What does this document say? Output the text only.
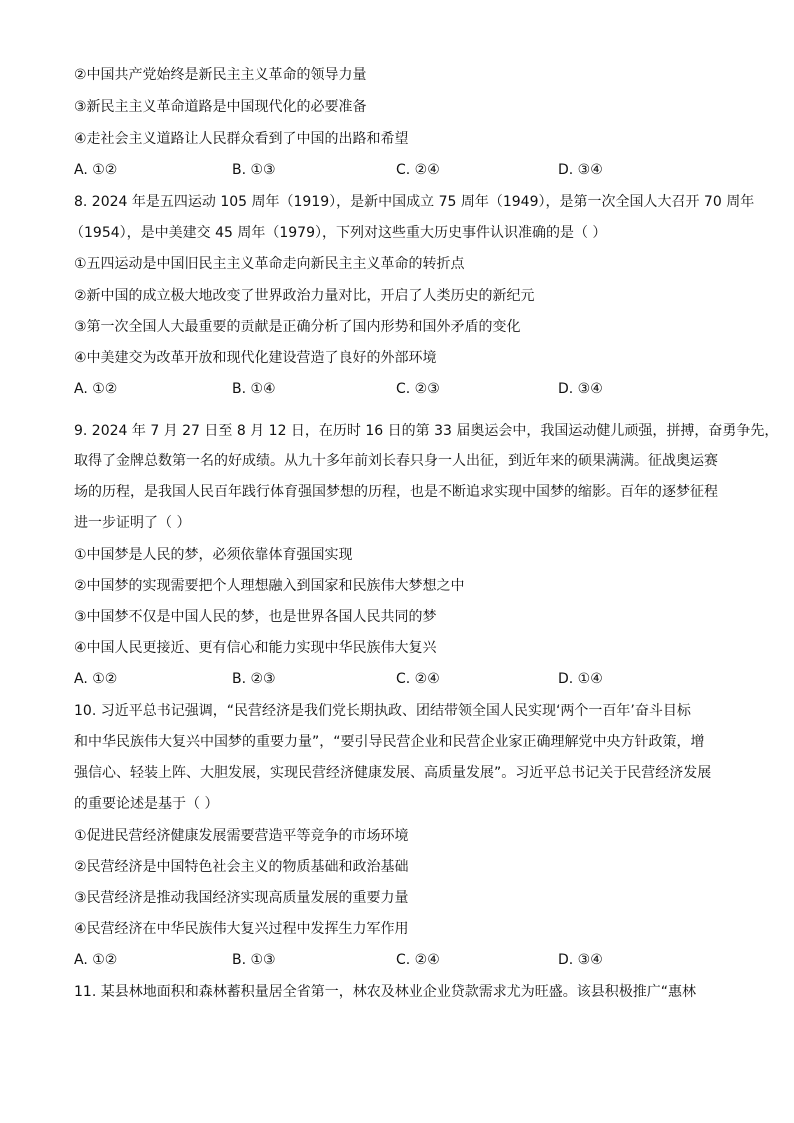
②中国共产党始终是新民主主义革命的领导力量
③新民主主义革命道路是中国现代化的必要准备
④走社会主义道路让人民群众看到了中国的出路和希望
A. ①②	B. ①③	C. ②④	D. ③④
8. 2024 年是五四运动 105 周年（1919），是新中国成立 75 周年（1949），是第一次全国人大召开 70 周年
（1954），是中美建交 45 周年（1979），下列对这些重大历史事件认识准确的是（ ）
①五四运动是中国旧民主主义革命走向新民主主义革命的转折点
②新中国的成立极大地改变了世界政治力量对比，开启了人类历史的新纪元
③第一次全国人大最重要的贡献是正确分析了国内形势和国外矛盾的变化
④中美建交为改革开放和现代化建设营造了良好的外部环境
A. ①②	B. ①④	C. ②③	D. ③④
9. 2024 年 7 月 27 日至 8 月 12 日，在历时 16 日的第 33 届奥运会中，我国运动健儿顽强，拼搏，奋勇争先，
取得了金牌总数第一名的好成绩。从九十多年前刘长春只身一人出征，到近年来的硕果满满。征战奥运赛
场的历程，是我国人民百年践行体育强国梦想的历程，也是不断追求实现中国梦的缩影。百年的逐梦征程
进一步证明了（ ）
①中国梦是人民的梦，必须依靠体育强国实现
②中国梦的实现需要把个人理想融入到国家和民族伟大梦想之中
③中国梦不仅是中国人民的梦，也是世界各国人民共同的梦
④中国人民更接近、更有信心和能力实现中华民族伟大复兴
A. ①②	B. ②③	C. ②④	D. ①④
10. 习近平总书记强调，“民营经济是我们党长期执政、团结带领全国人民实现‘两个一百年’奋斗目标
和中华民族伟大复兴中国梦的重要力量”，“要引导民营企业和民营企业家正确理解党中央方针政策，增
强信心、轻装上阵、大胆发展，实现民营经济健康发展、高质量发展”。习近平总书记关于民营经济发展
的重要论述是基于（ ）
①促进民营经济健康发展需要营造平等竞争的市场环境
②民营经济是中国特色社会主义的物质基础和政治基础
③民营经济是推动我国经济实现高质量发展的重要力量
④民营经济在中华民族伟大复兴过程中发挥生力军作用
A. ①②	B. ①③	C. ②④	D. ③④
11. 某县林地面积和森林蓄积量居全省第一，林农及林业企业贷款需求尤为旺盛。该县积极推广“惠林
